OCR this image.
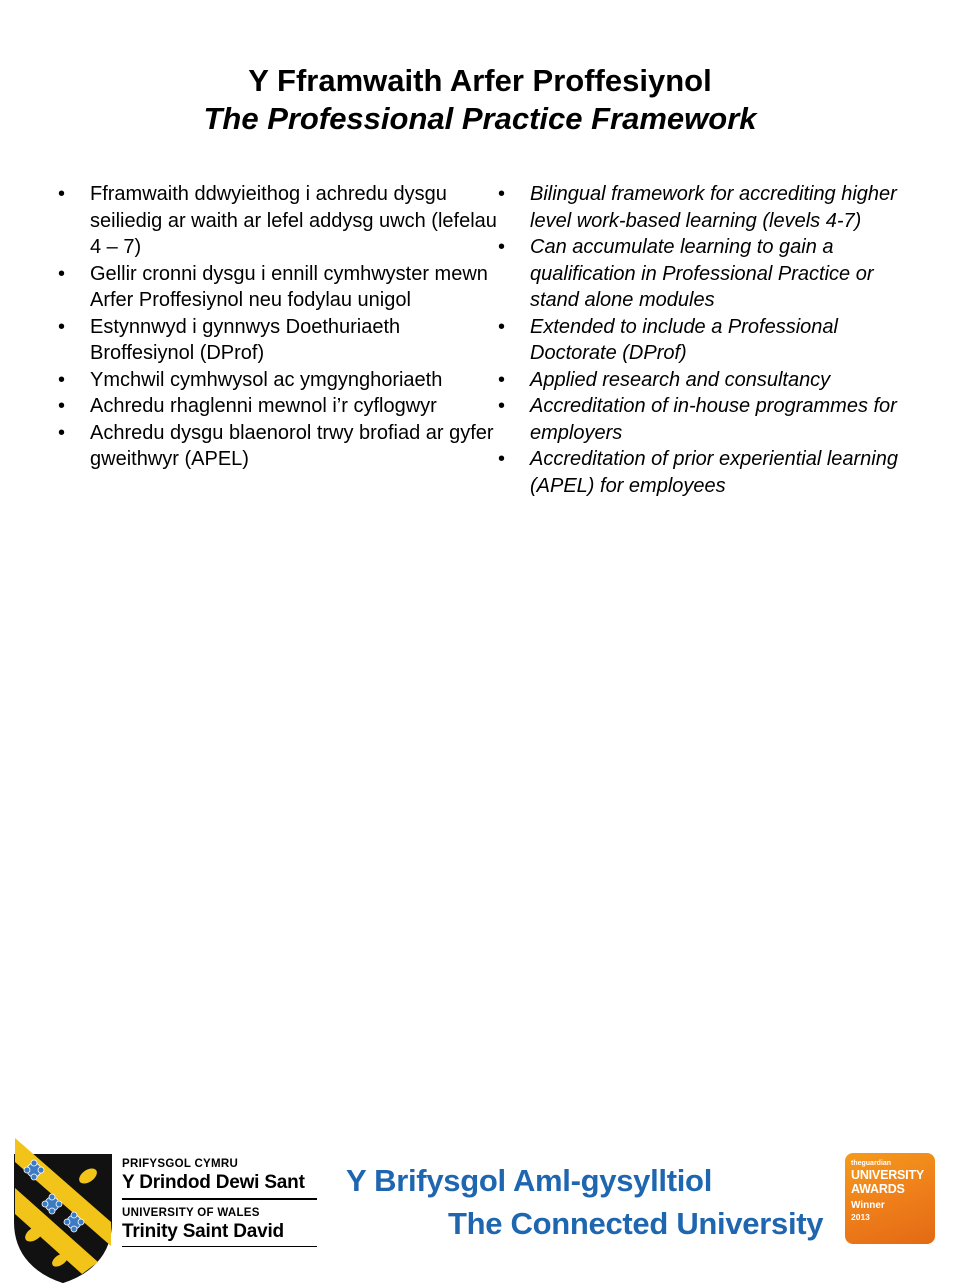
Y Fframwaith Arfer Proffesiynol
The Professional Practice Framework
• Fframwaith ddwyieithog i achredu dysgu seiliedig ar waith ar lefel addysg uwch (lefelau 4 – 7)
• Gellir cronni dysgu i ennill cymhwyster mewn Arfer Proffesiynol neu fodylau unigol
• Estynnwyd i gynnwys Doethuriaeth Broffesiynol (DProf)
• Ymchwil cymhwysol ac ymgynghoriaeth
• Achredu rhaglenni mewnol i’r cyflogwyr
• Achredu dysgu blaenorol trwy brofiad ar gyfer gweithwyr (APEL)
• Bilingual framework for accrediting higher level work-based learning (levels 4-7)
• Can accumulate learning to gain a qualification in Professional Practice or stand alone modules
• Extended to include a Professional Doctorate (DProf)
• Applied research and consultancy
• Accreditation of in-house programmes for employers
• Accreditation of prior experiential learning (APEL) for employees
PRIFYSGOL CYMRU
Y Drindod Dewi Sant
UNIVERSITY OF WALES
Trinity Saint David
Y Brifysgol Aml-gysylltiol
The Connected University
theguardian
UNIVERSITY
AWARDS
Winner
2013
